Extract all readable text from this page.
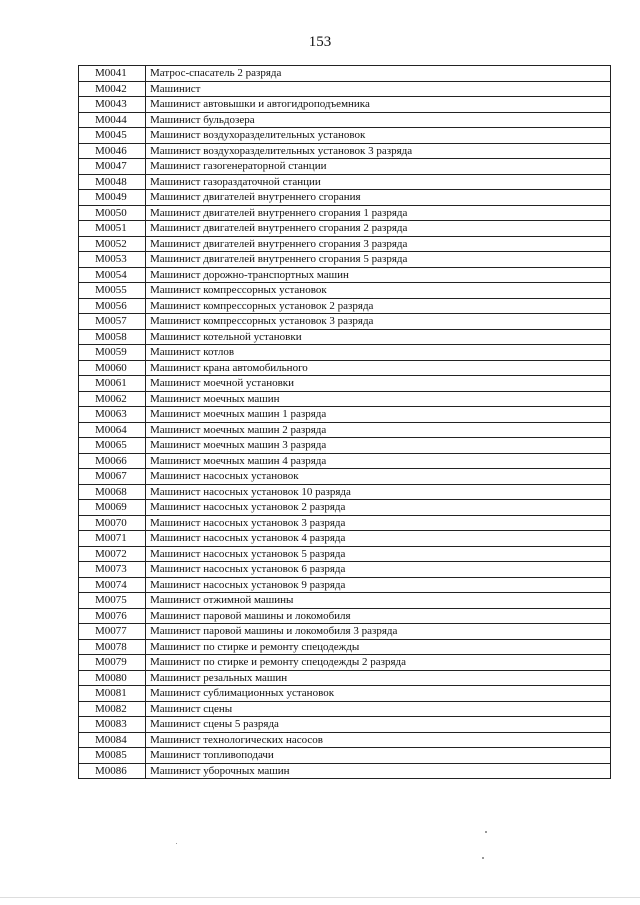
153
М0041	Матрос-спасатель 2 разряда
М0042	Машинист
М0043	Машинист автовышки и автогидроподъемника
М0044	Машинист бульдозера
М0045	Машинист воздухоразделительных установок
М0046	Машинист воздухоразделительных установок 3 разряда
М0047	Машинист газогенераторной станции
М0048	Машинист газораздаточной станции
М0049	Машинист двигателей внутреннего сгорания
М0050	Машинист двигателей внутреннего сгорания 1 разряда
М0051	Машинист двигателей внутреннего сгорания 2 разряда
М0052	Машинист двигателей внутреннего сгорания 3 разряда
М0053	Машинист двигателей внутреннего сгорания 5 разряда
М0054	Машинист дорожно-транспортных машин
М0055	Машинист компрессорных установок
М0056	Машинист компрессорных установок 2 разряда
М0057	Машинист компрессорных установок 3 разряда
М0058	Машинист котельной установки
М0059	Машинист котлов
М0060	Машинист крана автомобильного
М0061	Машинист моечной установки
М0062	Машинист моечных машин
М0063	Машинист моечных машин 1 разряда
М0064	Машинист моечных машин 2 разряда
М0065	Машинист моечных машин 3 разряда
М0066	Машинист моечных машин 4 разряда
М0067	Машинист насосных установок
М0068	Машинист насосных установок 10 разряда
М0069	Машинист насосных установок 2 разряда
М0070	Машинист насосных установок 3 разряда
М0071	Машинист насосных установок 4 разряда
М0072	Машинист насосных установок 5 разряда
М0073	Машинист насосных установок 6 разряда
М0074	Машинист насосных установок 9 разряда
М0075	Машинист отжимной машины
М0076	Машинист паровой машины и локомобиля
М0077	Машинист паровой машины и локомобиля 3 разряда
М0078	Машинист по стирке и ремонту спецодежды
М0079	Машинист по стирке и ремонту спецодежды 2 разряда
М0080	Машинист резальных машин
М0081	Машинист сублимационных установок
М0082	Машинист сцены
М0083	Машинист сцены 5 разряда
М0084	Машинист технологических насосов
М0085	Машинист топливоподачи
М0086	Машинист уборочных машин
